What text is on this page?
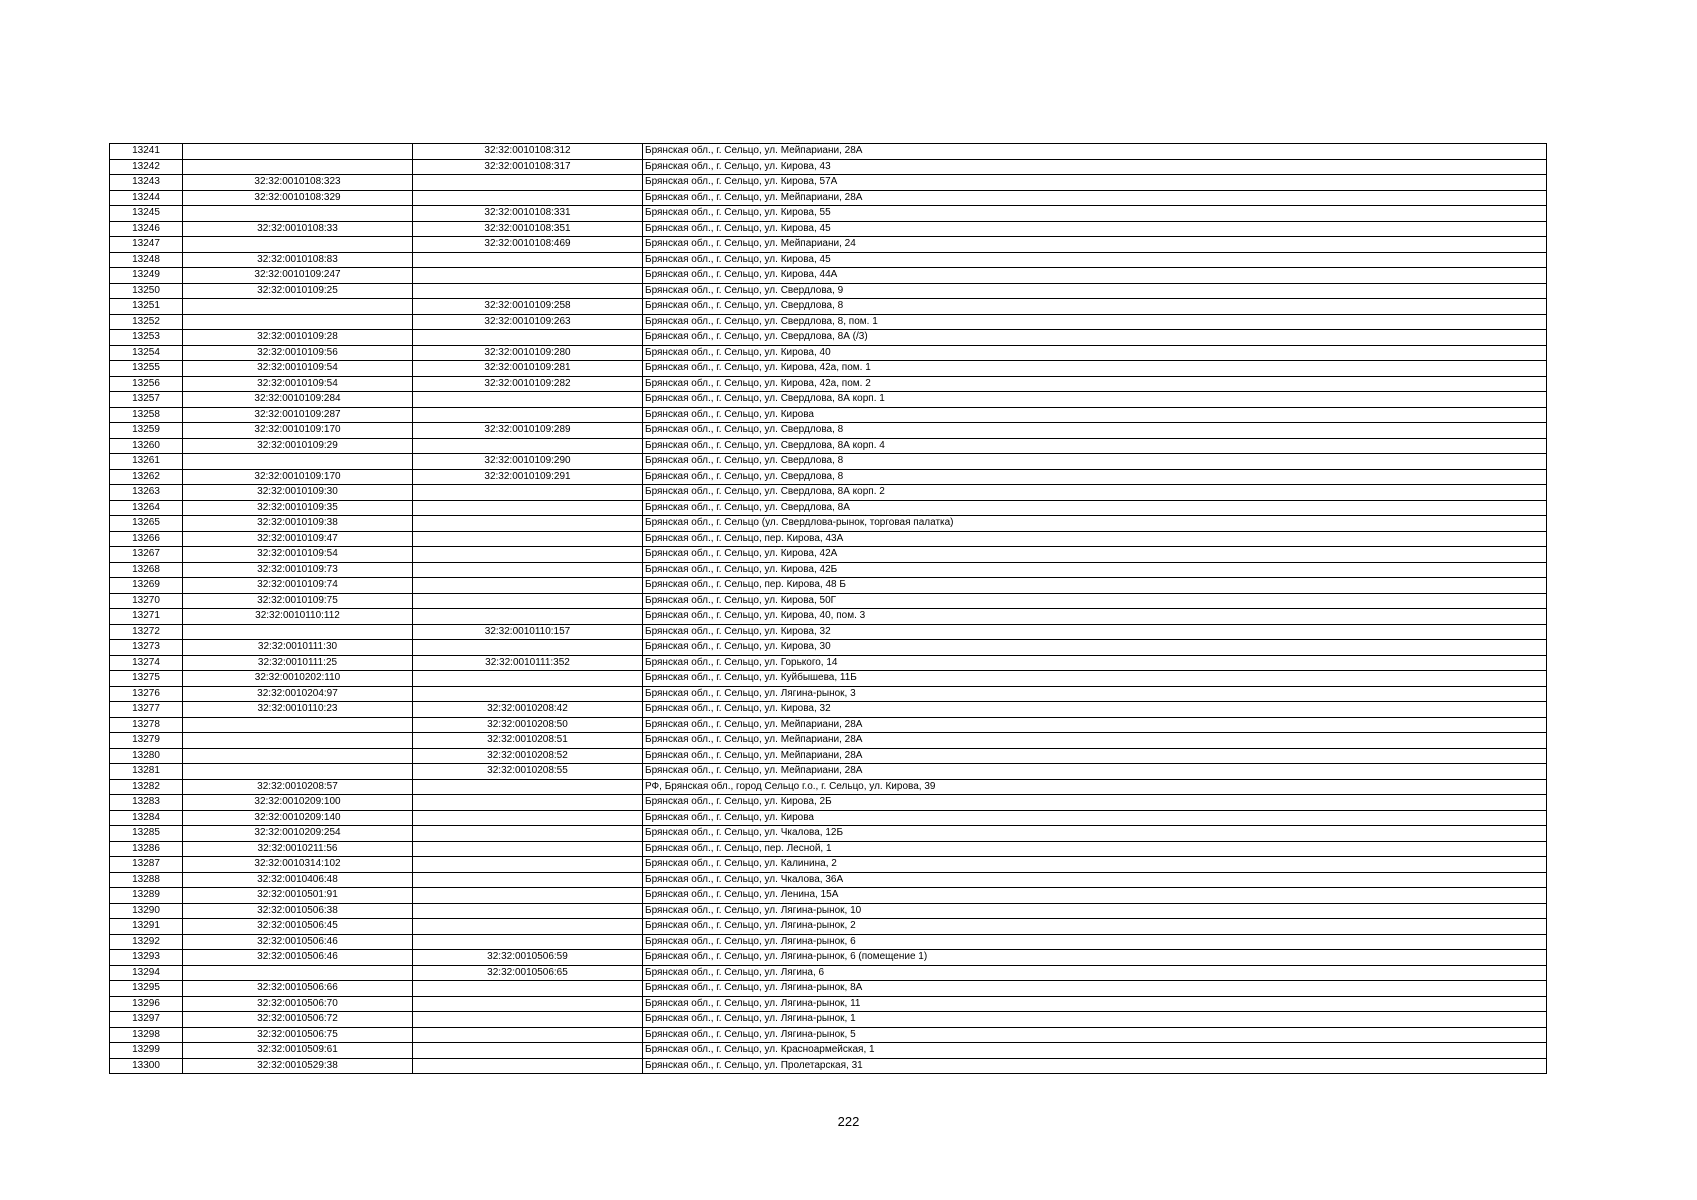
13241		32:32:0010108:312	Брянская обл., г. Сельцо, ул. Мейпариани, 28А
13242		32:32:0010108:317	Брянская обл., г. Сельцо, ул. Кирова, 43
13243	32:32:0010108:323		Брянская обл., г. Сельцо, ул. Кирова, 57А
13244	32:32:0010108:329		Брянская обл., г. Сельцо, ул. Мейпариани, 28А
13245		32:32:0010108:331	Брянская обл., г. Сельцо, ул. Кирова, 55
13246	32:32:0010108:33	32:32:0010108:351	Брянская обл., г. Сельцо, ул. Кирова, 45
13247		32:32:0010108:469	Брянская обл., г. Сельцо, ул. Мейпариани, 24
13248	32:32:0010108:83		Брянская обл., г. Сельцо, ул. Кирова, 45
13249	32:32:0010109:247		Брянская обл., г. Сельцо, ул. Кирова, 44А
13250	32:32:0010109:25		Брянская обл., г. Сельцо, ул. Свердлова, 9
13251		32:32:0010109:258	Брянская обл., г. Сельцо, ул. Свердлова, 8
13252		32:32:0010109:263	Брянская обл., г. Сельцо, ул. Свердлова, 8, пом. 1
13253	32:32:0010109:28		Брянская обл., г. Сельцо, ул. Свердлова, 8А (/3)
13254	32:32:0010109:56	32:32:0010109:280	Брянская обл., г. Сельцо, ул. Кирова, 40
13255	32:32:0010109:54	32:32:0010109:281	Брянская обл., г. Сельцо, ул. Кирова, 42а, пом. 1
13256	32:32:0010109:54	32:32:0010109:282	Брянская обл., г. Сельцо, ул. Кирова, 42а, пом. 2
13257	32:32:0010109:284		Брянская обл., г. Сельцо, ул. Свердлова, 8А корп. 1
13258	32:32:0010109:287		Брянская обл., г. Сельцо, ул. Кирова
13259	32:32:0010109:170	32:32:0010109:289	Брянская обл., г. Сельцо, ул. Свердлова, 8
13260	32:32:0010109:29		Брянская обл., г. Сельцо, ул. Свердлова, 8А корп. 4
13261		32:32:0010109:290	Брянская обл., г. Сельцо, ул. Свердлова, 8
13262	32:32:0010109:170	32:32:0010109:291	Брянская обл., г. Сельцо, ул. Свердлова, 8
13263	32:32:0010109:30		Брянская обл., г. Сельцо, ул. Свердлова, 8А корп. 2
13264	32:32:0010109:35		Брянская обл., г. Сельцо, ул. Свердлова, 8А
13265	32:32:0010109:38		Брянская обл., г. Сельцо (ул. Свердлова-рынок, торговая палатка)
13266	32:32:0010109:47		Брянская обл., г. Сельцо, пер. Кирова, 43А
13267	32:32:0010109:54		Брянская обл., г. Сельцо, ул. Кирова, 42А
13268	32:32:0010109:73		Брянская обл., г. Сельцо, ул. Кирова, 42Б
13269	32:32:0010109:74		Брянская обл., г. Сельцо, пер. Кирова, 48 Б
13270	32:32:0010109:75		Брянская обл., г. Сельцо, ул. Кирова, 50Г
13271	32:32:0010110:112		Брянская обл., г. Сельцо, ул. Кирова, 40, пом. 3
13272		32:32:0010110:157	Брянская обл., г. Сельцо, ул. Кирова, 32
13273	32:32:0010111:30		Брянская обл., г. Сельцо, ул. Кирова, 30
13274	32:32:0010111:25	32:32:0010111:352	Брянская обл., г. Сельцо, ул. Горького, 14
13275	32:32:0010202:110		Брянская обл., г. Сельцо, ул. Куйбышева, 11Б
13276	32:32:0010204:97		Брянская обл., г. Сельцо, ул. Лягина-рынок, 3
13277	32:32:0010110:23	32:32:0010208:42	Брянская обл., г. Сельцо, ул. Кирова, 32
13278		32:32:0010208:50	Брянская обл., г. Сельцо, ул. Мейпариани, 28А
13279		32:32:0010208:51	Брянская обл., г. Сельцо, ул. Мейпариани, 28А
13280		32:32:0010208:52	Брянская обл., г. Сельцо, ул. Мейпариани, 28А
13281		32:32:0010208:55	Брянская обл., г. Сельцо, ул. Мейпариани, 28А
13282	32:32:0010208:57		РФ, Брянская обл., город Сельцо г.о., г. Сельцо, ул. Кирова, 39
13283	32:32:0010209:100		Брянская обл., г. Сельцо, ул. Кирова, 2Б
13284	32:32:0010209:140		Брянская обл., г. Сельцо, ул. Кирова
13285	32:32:0010209:254		Брянская обл., г. Сельцо, ул. Чкалова, 12Б
13286	32:32:0010211:56		Брянская обл., г. Сельцо, пер. Лесной, 1
13287	32:32:0010314:102		Брянская обл., г. Сельцо, ул. Калинина, 2
13288	32:32:0010406:48		Брянская обл., г. Сельцо, ул. Чкалова, 36А
13289	32:32:0010501:91		Брянская обл., г. Сельцо, ул. Ленина, 15А
13290	32:32:0010506:38		Брянская обл., г. Сельцо, ул. Лягина-рынок, 10
13291	32:32:0010506:45		Брянская обл., г. Сельцо, ул. Лягина-рынок, 2
13292	32:32:0010506:46		Брянская обл., г. Сельцо, ул. Лягина-рынок, 6
13293	32:32:0010506:46	32:32:0010506:59	Брянская обл., г. Сельцо, ул. Лягина-рынок, 6 (помещение 1)
13294		32:32:0010506:65	Брянская обл., г. Сельцо, ул. Лягина, 6
13295	32:32:0010506:66		Брянская обл., г. Сельцо, ул. Лягина-рынок, 8А
13296	32:32:0010506:70		Брянская обл., г. Сельцо, ул. Лягина-рынок, 11
13297	32:32:0010506:72		Брянская обл., г. Сельцо, ул. Лягина-рынок, 1
13298	32:32:0010506:75		Брянская обл., г. Сельцо, ул. Лягина-рынок, 5
13299	32:32:0010509:61		Брянская обл., г. Сельцо, ул. Красноармейская, 1
13300	32:32:0010529:38		Брянская обл., г. Сельцо, ул. Пролетарская, 31
222
